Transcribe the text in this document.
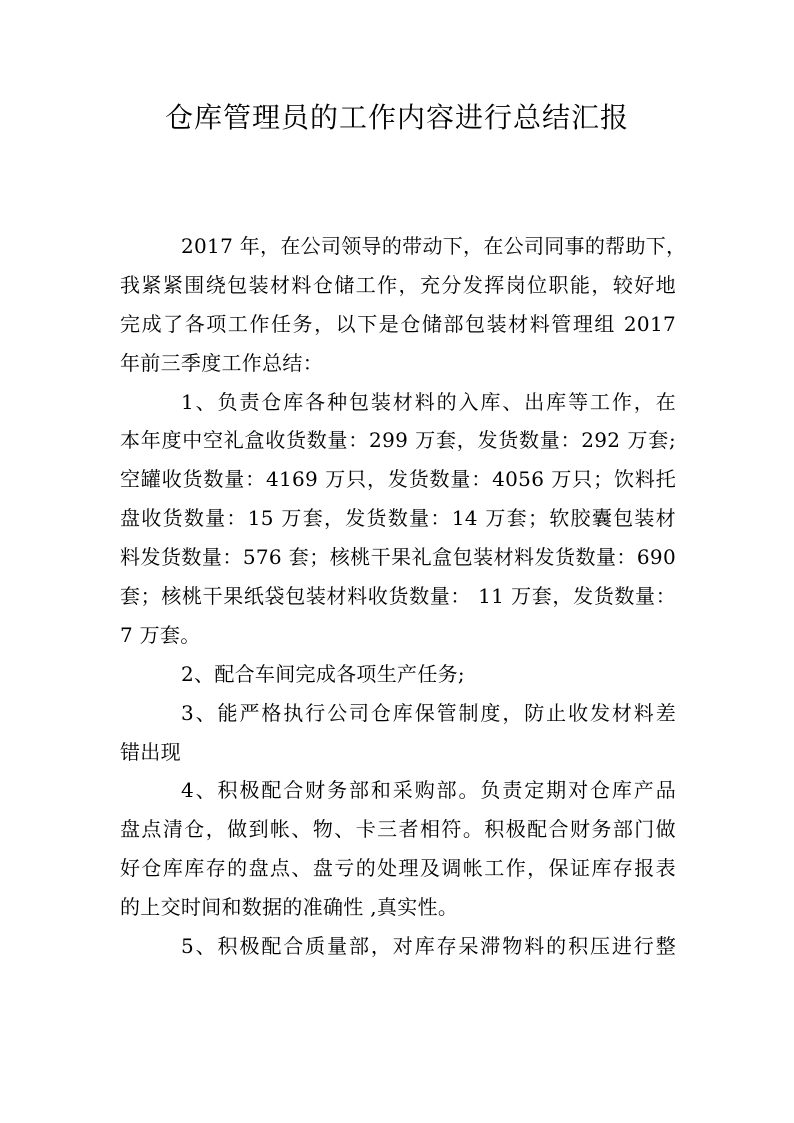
仓库管理员的工作内容进行总结汇报
2017 年，在公司领导的带动下，在公司同事的帮助下，
我紧紧围绕包装材料仓储工作，充分发挥岗位职能，较好地
完成了各项工作任务，以下是仓储部包装材料管理组 2017
年前三季度工作总结：
1、负责仓库各种包装材料的入库、出库等工作，在
本年度中空礼盒收货数量：299 万套，发货数量：292 万套;
空罐收货数量：4169 万只，发货数量：4056 万只；饮料托
盘收货数量：15 万套，发货数量：14 万套；软胶囊包装材
料发货数量：576 套；核桃干果礼盒包装材料发货数量：690
套；核桃干果纸袋包装材料收货数量： 11 万套，发货数量：
7 万套。
2、配合车间完成各项生产任务;
3、能严格执行公司仓库保管制度，防止收发材料差
错出现
4、积极配合财务部和采购部。负责定期对仓库产品
盘点清仓，做到帐、物、卡三者相符。积极配合财务部门做
好仓库库存的盘点、盘亏的处理及调帐工作，保证库存报表
的上交时间和数据的准确性 ,真实性。
5、积极配合质量部，对库存呆滞物料的积压进行整
